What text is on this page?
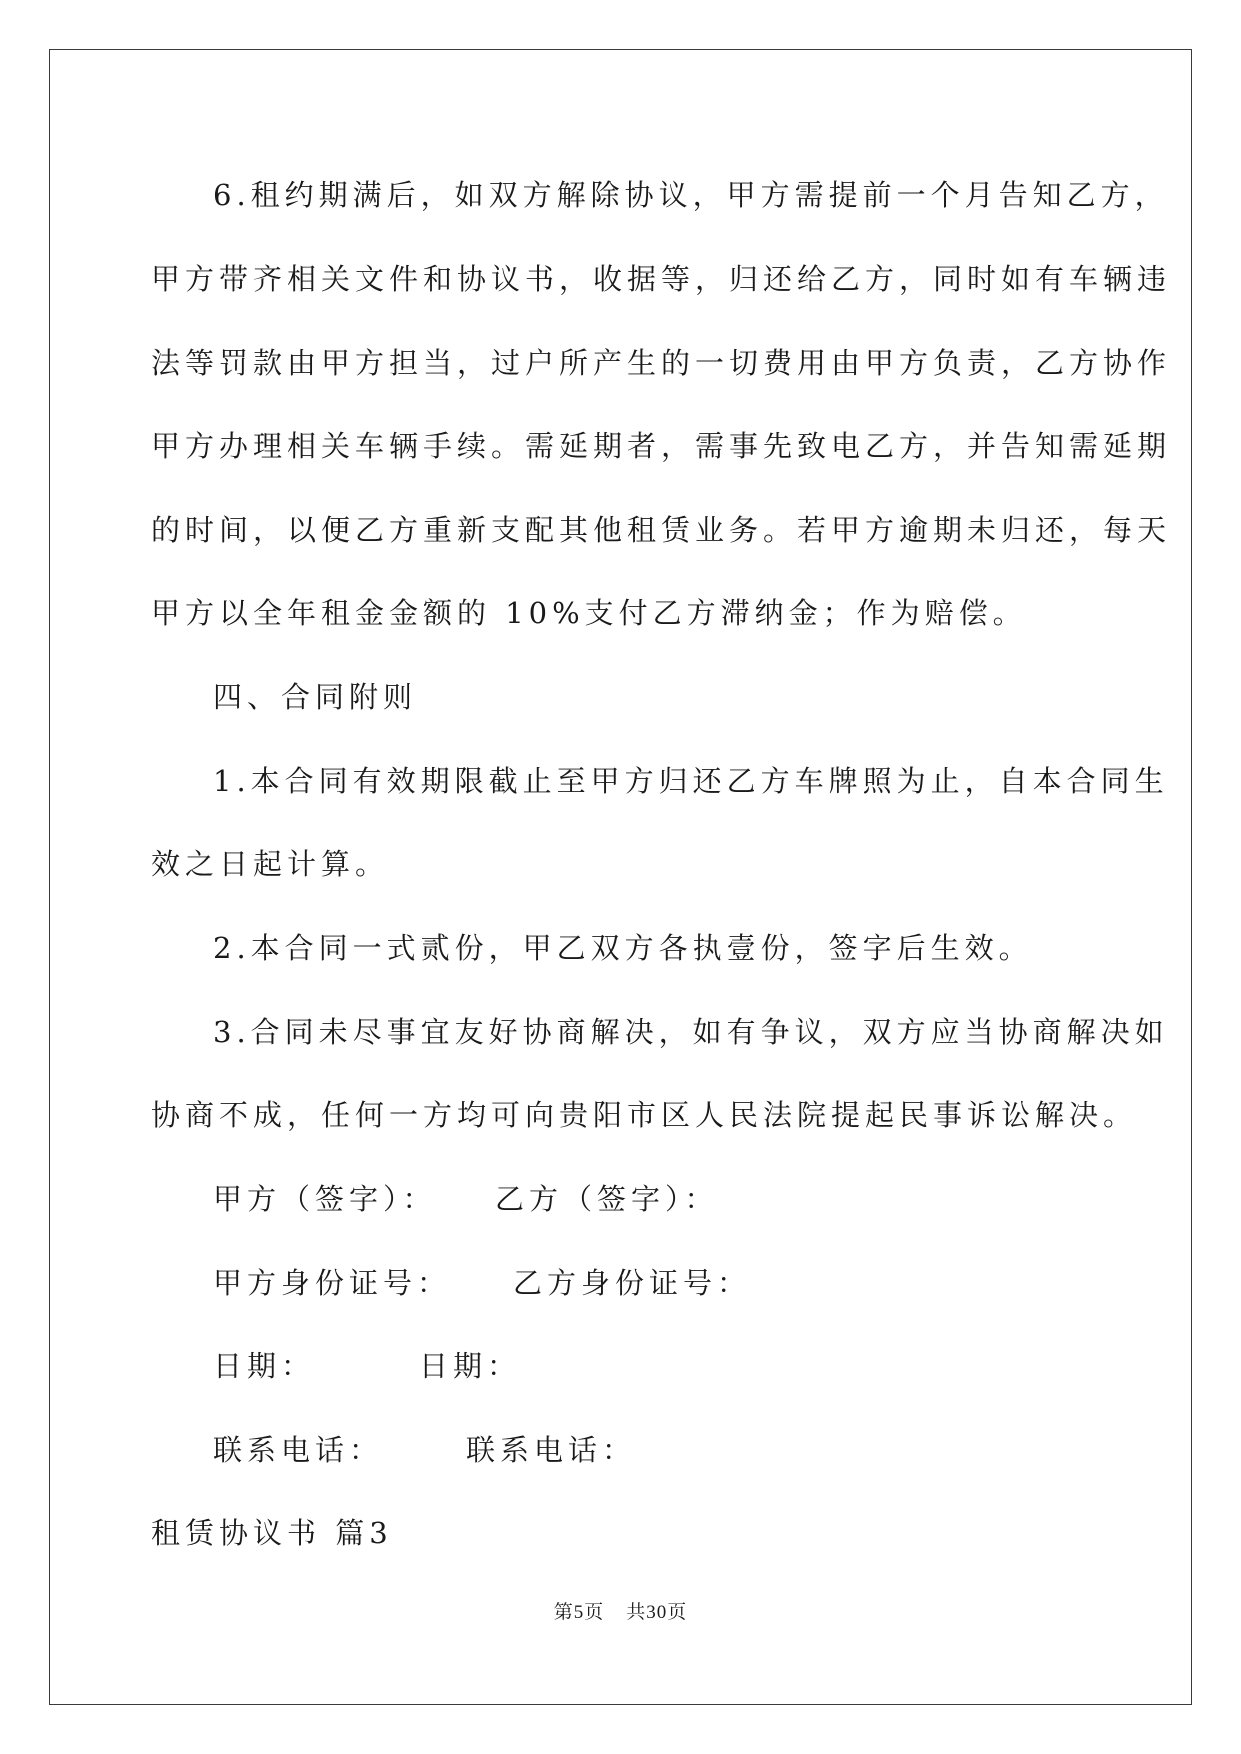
6.租约期满后，如双方解除协议，甲方需提前一个月告知乙方，
甲方带齐相关文件和协议书，收据等，归还给乙方，同时如有车辆违
法等罚款由甲方担当，过户所产生的一切费用由甲方负责，乙方协作
甲方办理相关车辆手续。需延期者，需事先致电乙方，并告知需延期
的时间，以便乙方重新支配其他租赁业务。若甲方逾期未归还，每天
甲方以全年租金金额的 10%支付乙方滞纳金；作为赔偿。
四、合同附则
1.本合同有效期限截止至甲方归还乙方车牌照为止，自本合同生
效之日起计算。
2.本合同一式贰份，甲乙双方各执壹份，签字后生效。
3.合同未尽事宜友好协商解决，如有争议，双方应当协商解决如
协商不成，任何一方均可向贵阳市区人民法院提起民事诉讼解决。
甲方（签字）： 乙方（签字）：
甲方身份证号： 乙方身份证号：
日期：	日期：
联系电话：	联系电话：
租赁协议书 篇3
第5页 共30页
